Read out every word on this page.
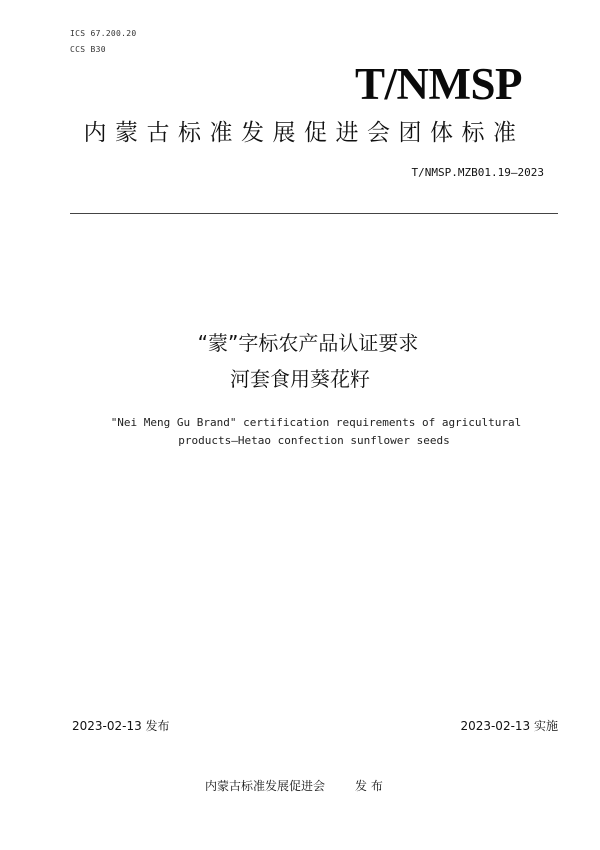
ICS 67.200.20
CCS B30
T/NMSP
内蒙古标准发展促进会团体标准
T/NMSP.MZB01.19—2023
“蒙”字标农产品认证要求
河套食用葵花籽
"Nei Meng Gu Brand" certification requirements of agricultural
products—Hetao confection sunflower seeds
2023-02-13 发布	2023-02-13 实施
内蒙古标准发展促进会	发 布
